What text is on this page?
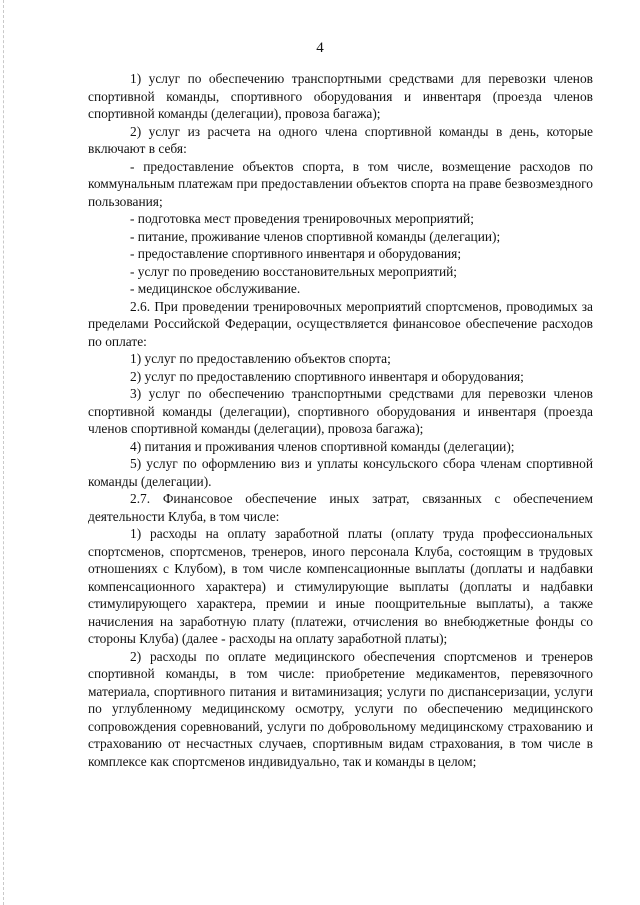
4

1) услуг по обеспечению транспортными средствами для перевозки членов спортивной команды, спортивного оборудования и инвентаря (проезда членов спортивной команды (делегации), провоза багажа);

2) услуг из расчета на одного члена спортивной команды в день, которые включают в себя:

- предоставление объектов спорта, в том числе, возмещение расходов по коммунальным платежам при предоставлении объектов спорта на праве безвозмездного пользования;

- подготовка мест проведения тренировочных мероприятий;

- питание, проживание членов спортивной команды (делегации);

- предоставление спортивного инвентаря и оборудования;

- услуг по проведению восстановительных мероприятий;

- медицинское обслуживание.

2.6. При проведении тренировочных мероприятий спортсменов, проводимых за пределами Российской Федерации, осуществляется финансовое обеспечение расходов по оплате:

1) услуг по предоставлению объектов спорта;

2) услуг по предоставлению спортивного инвентаря и оборудования;

3) услуг по обеспечению транспортными средствами для перевозки членов спортивной команды (делегации), спортивного оборудования и инвентаря (проезда членов спортивной команды (делегации), провоза багажа);

4) питания и проживания членов спортивной команды (делегации);

5) услуг по оформлению виз и уплаты консульского сбора членам спортивной команды (делегации).

2.7. Финансовое обеспечение иных затрат, связанных с обеспечением деятельности Клуба, в том числе:

1) расходы на оплату заработной платы (оплату труда профессиональных спортсменов, спортсменов, тренеров, иного персонала Клуба, состоящим в трудовых отношениях с Клубом), в том числе компенсационные выплаты (доплаты и надбавки компенсационного характера) и стимулирующие выплаты (доплаты и надбавки стимулирующего характера, премии и иные поощрительные выплаты), а также начисления на заработную плату (платежи, отчисления во внебюджетные фонды со стороны Клуба) (далее - расходы на оплату заработной платы);

2) расходы по оплате медицинского обеспечения спортсменов и тренеров спортивной команды, в том числе: приобретение медикаментов, перевязочного материала, спортивного питания и витаминизация; услуги по диспансеризации, услуги по углубленному медицинскому осмотру, услуги по обеспечению медицинского сопровождения соревнований, услуги по добровольному медицинскому страхованию и страхованию от несчастных случаев, спортивным видам страхования, в том числе в комплексе как спортсменов индивидуально, так и команды в целом;
